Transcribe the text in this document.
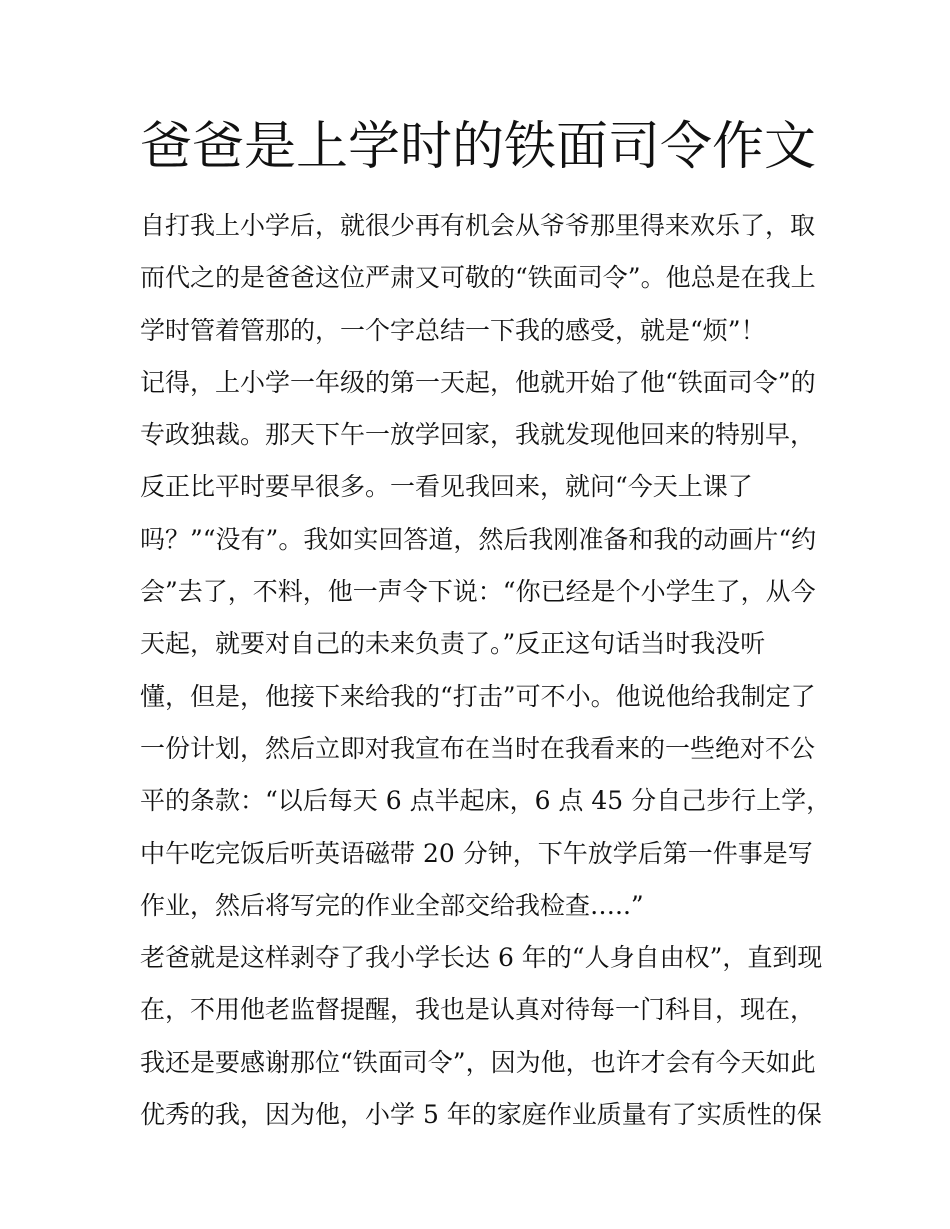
爸爸是上学时的铁面司令作文

自打我上小学后，就很少再有机会从爷爷那里得来欢乐了，取

而代之的是爸爸这位严肃又可敬的“铁面司令”。他总是在我上

学时管着管那的，一个字总结一下我的感受，就是“烦”！

记得，上小学一年级的第一天起，他就开始了他“铁面司令”的

专政独裁。那天下午一放学回家，我就发现他回来的特别早，

反正比平时要早很多。一看见我回来，就问“今天上课了

吗？”“没有”。我如实回答道，然后我刚准备和我的动画片“约

会”去了，不料，他一声令下说：“你已经是个小学生了，从今

天起，就要对自己的未来负责了。”反正这句话当时我没听

懂，但是，他接下来给我的“打击”可不小。他说他给我制定了

一份计划，然后立即对我宣布在当时在我看来的一些绝对不公

平的条款：“以后每天 6 点半起床，6 点 45 分自己步行上学，

中午吃完饭后听英语磁带 20 分钟，下午放学后第一件事是写

作业，然后将写完的作业全部交给我检查…..”

老爸就是这样剥夺了我小学长达 6 年的“人身自由权”，直到现

在，不用他老监督提醒，我也是认真对待每一门科目，现在，

我还是要感谢那位“铁面司令”，因为他，也许才会有今天如此

优秀的我，因为他，小学 5 年的家庭作业质量有了实质性的保
